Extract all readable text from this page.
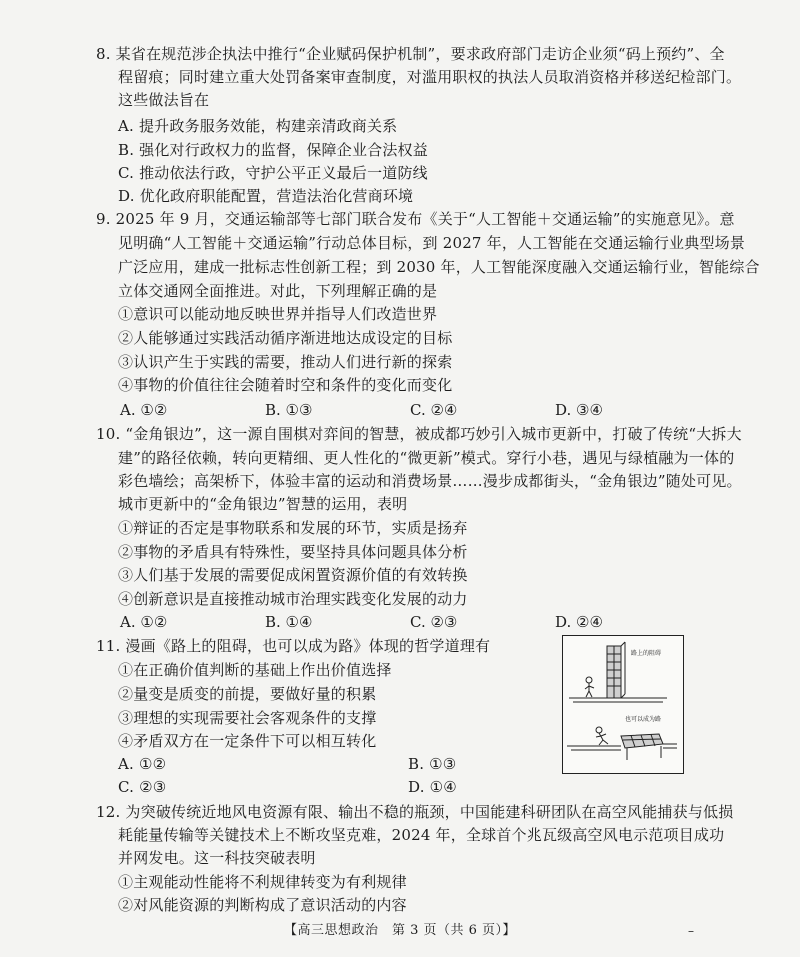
8. 某省在规范涉企执法中推行“企业赋码保护机制”，要求政府部门走访企业须“码上预约”、全
程留痕；同时建立重大处罚备案审查制度，对滥用职权的执法人员取消资格并移送纪检部门。
这些做法旨在
A. 提升政务服务效能，构建亲清政商关系
B. 强化对行政权力的监督，保障企业合法权益
C. 推动依法行政，守护公平正义最后一道防线
D. 优化政府职能配置，营造法治化营商环境
9. 2025 年 9 月，交通运输部等七部门联合发布《关于“人工智能＋交通运输”的实施意见》。意
见明确“人工智能＋交通运输”行动总体目标，到 2027 年，人工智能在交通运输行业典型场景
广泛应用，建成一批标志性创新工程；到 2030 年，人工智能深度融入交通运输行业，智能综合
立体交通网全面推进。对此，下列理解正确的是
①意识可以能动地反映世界并指导人们改造世界
②人能够通过实践活动循序渐进地达成设定的目标
③认识产生于实践的需要，推动人们进行新的探索
④事物的价值往往会随着时空和条件的变化而变化
A. ①②	B. ①③	C. ②④	D. ③④
10. “金角银边”，这一源自围棋对弈间的智慧，被成都巧妙引入城市更新中，打破了传统“大拆大
建”的路径依赖，转向更精细、更人性化的“微更新”模式。穿行小巷，遇见与绿植融为一体的
彩色墙绘；高架桥下，体验丰富的运动和消费场景……漫步成都街头，“金角银边”随处可见。
城市更新中的“金角银边”智慧的运用，表明
①辩证的否定是事物联系和发展的环节，实质是扬弃
②事物的矛盾具有特殊性，要坚持具体问题具体分析
③人们基于发展的需要促成闲置资源价值的有效转换
④创新意识是直接推动城市治理实践变化发展的动力
A. ①②	B. ①④	C. ②③	D. ②④
11. 漫画《路上的阻碍，也可以成为路》体现的哲学道理有
①在正确价值判断的基础上作出价值选择
②量变是质变的前提，要做好量的积累
③理想的实现需要社会客观条件的支撑
④矛盾双方在一定条件下可以相互转化
A. ①②	B. ①③
C. ②③	D. ①④
路上的阻碍
也可以成为路
12. 为突破传统近地风电资源有限、输出不稳的瓶颈，中国能建科研团队在高空风能捕获与低损
耗能量传输等关键技术上不断攻坚克难，2024 年，全球首个兆瓦级高空风电示范项目成功
并网发电。这一科技突破表明
①主观能动性能将不利规律转变为有利规律
②对风能资源的判断构成了意识活动的内容
【高三思想政治　第 3 页（共 6 页）】	–
